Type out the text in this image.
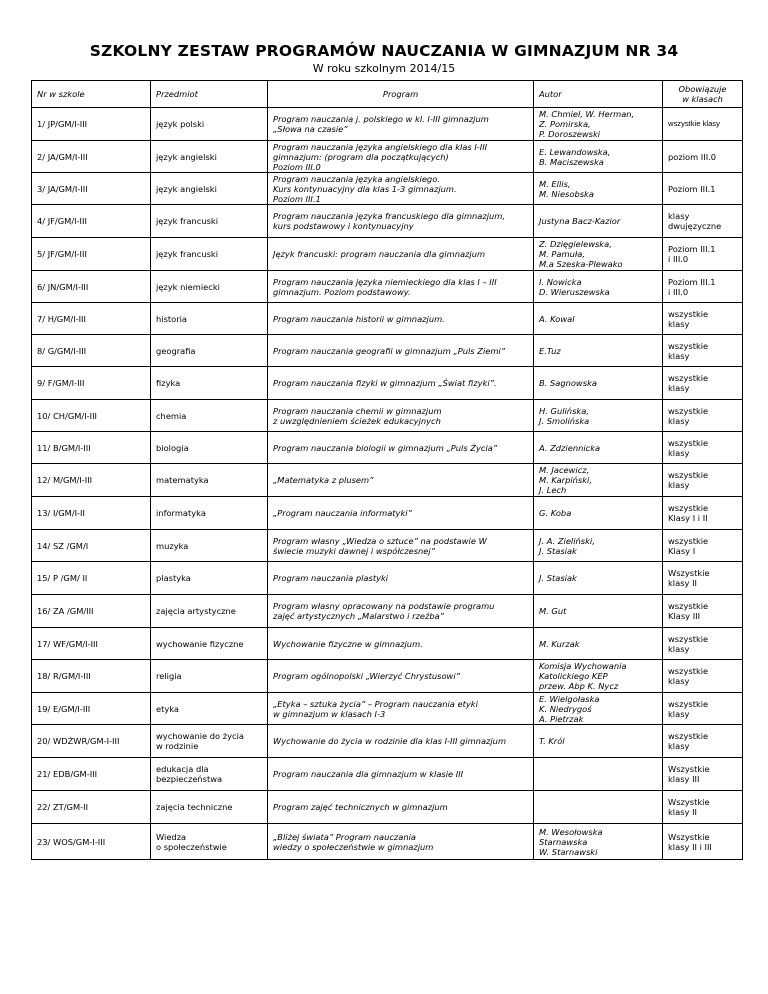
SZKOLNY ZESTAW PROGRAMÓW NAUCZANIA W GIMNAZJUM NR 34

W roku szkolnym 2014/15

Nr w szkole	Przedmiot	Program	Autor	Obowiązuje
w klasach

1/ JP/GM/I-III	język polski	Program nauczania j. polskiego w kl. I-III gimnazjum
„Słowa na czasie”	M. Chmiel, W. Herman,
Z. Pomirska,
P. Doroszewski	wszystkie klasy

2/ JA/GM/I-III	język angielski	Program nauczania języka angielskiego dla klas I-III
gimnazjum: (program dla początkujących)
Poziom III.0	E. Lewandowska,
B. Maciszewska	poziom III.0

3/ JA/GM/I-III	język angielski	Program nauczania języka angielskiego.
Kurs kontynuacyjny dla klas 1-3 gimnazjum.
Poziom III.1	M. Ellis,
M. Niesobska	Poziom III.1

4/ JF/GM/I-III	język francuski	Program nauczania języka francuskiego dla gimnazjum,
kurs podstawowy i kontynuacyjny	Justyna Bacz-Kazior	klasy
dwujęzyczne

5/ JF/GM/I-III	język francuski	Język francuski: program nauczania dla gimnazjum	Z. Dzięgielewska,
M. Pamuła,
M.a Szeska-Plewako	Poziom III.1
i III.0

6/ JN/GM/I-III	język niemiecki	Program nauczania języka niemieckiego dla klas I – III
gimnazjum. Poziom podstawowy.	I. Nowicka
D. Wieruszewska	Poziom III.1
i III.0

7/ H/GM/I-III	historia	Program nauczania historii w gimnazjum.	A. Kowal	wszystkie
klasy

8/ G/GM/I-III	geografia	Program nauczania geografii w gimnazjum „Puls Ziemi”	E.Tuz	wszystkie
klasy

9/ F/GM/I-III	fizyka	Program nauczania fizyki w gimnazjum „Świat fizyki”.	B. Sagnowska	wszystkie
klasy

10/ CH/GM/I-III	chemia	Program nauczania chemii w gimnazjum
z uwzględnieniem ścieżek edukacyjnych	H. Gulińska,
J. Smolińska	wszystkie
klasy

11/ B/GM/I-III	biologia	Program nauczania biologii w gimnazjum „Puls Życia”	A. Zdziennicka	wszystkie
klasy

12/ M/GM/I-III	matematyka	„Matematyka z plusem”	M. Jacewicz,
M. Karpiński,
J. Lech	wszystkie
klasy

13/ I/GM/I-II	informatyka	„Program nauczania informatyki”	G. Koba	wszystkie
Klasy I i II

14/ SZ /GM/I	muzyka	Program własny „Wiedza o sztuce” na podstawie W
świecie muzyki dawnej i współczesnej”	J. A. Zieliński,
J. Stasiak	wszystkie
Klasy I

15/ P /GM/ II	plastyka	Program nauczania plastyki	J. Stasiak	Wszystkie
klasy II

16/ ZA /GM/III	zajęcia artystyczne	Program własny opracowany na podstawie programu
zajęć artystycznych „Malarstwo i rzeźba”	M. Gut	wszystkie
Klasy III

17/ WF/GM/I-III	wychowanie fizyczne	Wychowanie fizyczne w gimnazjum.	M. Kurzak	wszystkie
klasy

18/ R/GM/I-III	religia	Program ogólnopolski „Wierzyć Chrystusowi”	Komisja Wychowania
Katolickiego KEP
przew. Abp K. Nycz	wszystkie
klasy

19/ E/GM/I-III	etyka	„Etyka – sztuka życia” – Program nauczania etyki
w gimnazjum w klasach I-3	E. Wielgołaska
K. Niedrygoś
A. Pietrzak	wszystkie
klasy

20/ WDŻWR/GM-I-III	wychowanie do życia
w rodzinie	Wychowanie do życia w rodzinie dla klas I-III gimnazjum	T. Król	wszystkie
klasy

21/ EDB/GM-III	edukacja dla
bezpieczeństwa	Program nauczania dla gimnazjum w klasie III		Wszystkie
klasy III

22/ ZT/GM-II	zajęcia techniczne	Program zajęć technicznych w gimnazjum		Wszystkie
klasy II

23/ WOS/GM-I-III	Wiedza
o społeczeństwie	„Bliżej świata” Program nauczania
wiedzy o społeczeństwie w gimnazjum	M. Wesołowska
Starnawska
W. Starnawski	Wszystkie
klasy II i III
